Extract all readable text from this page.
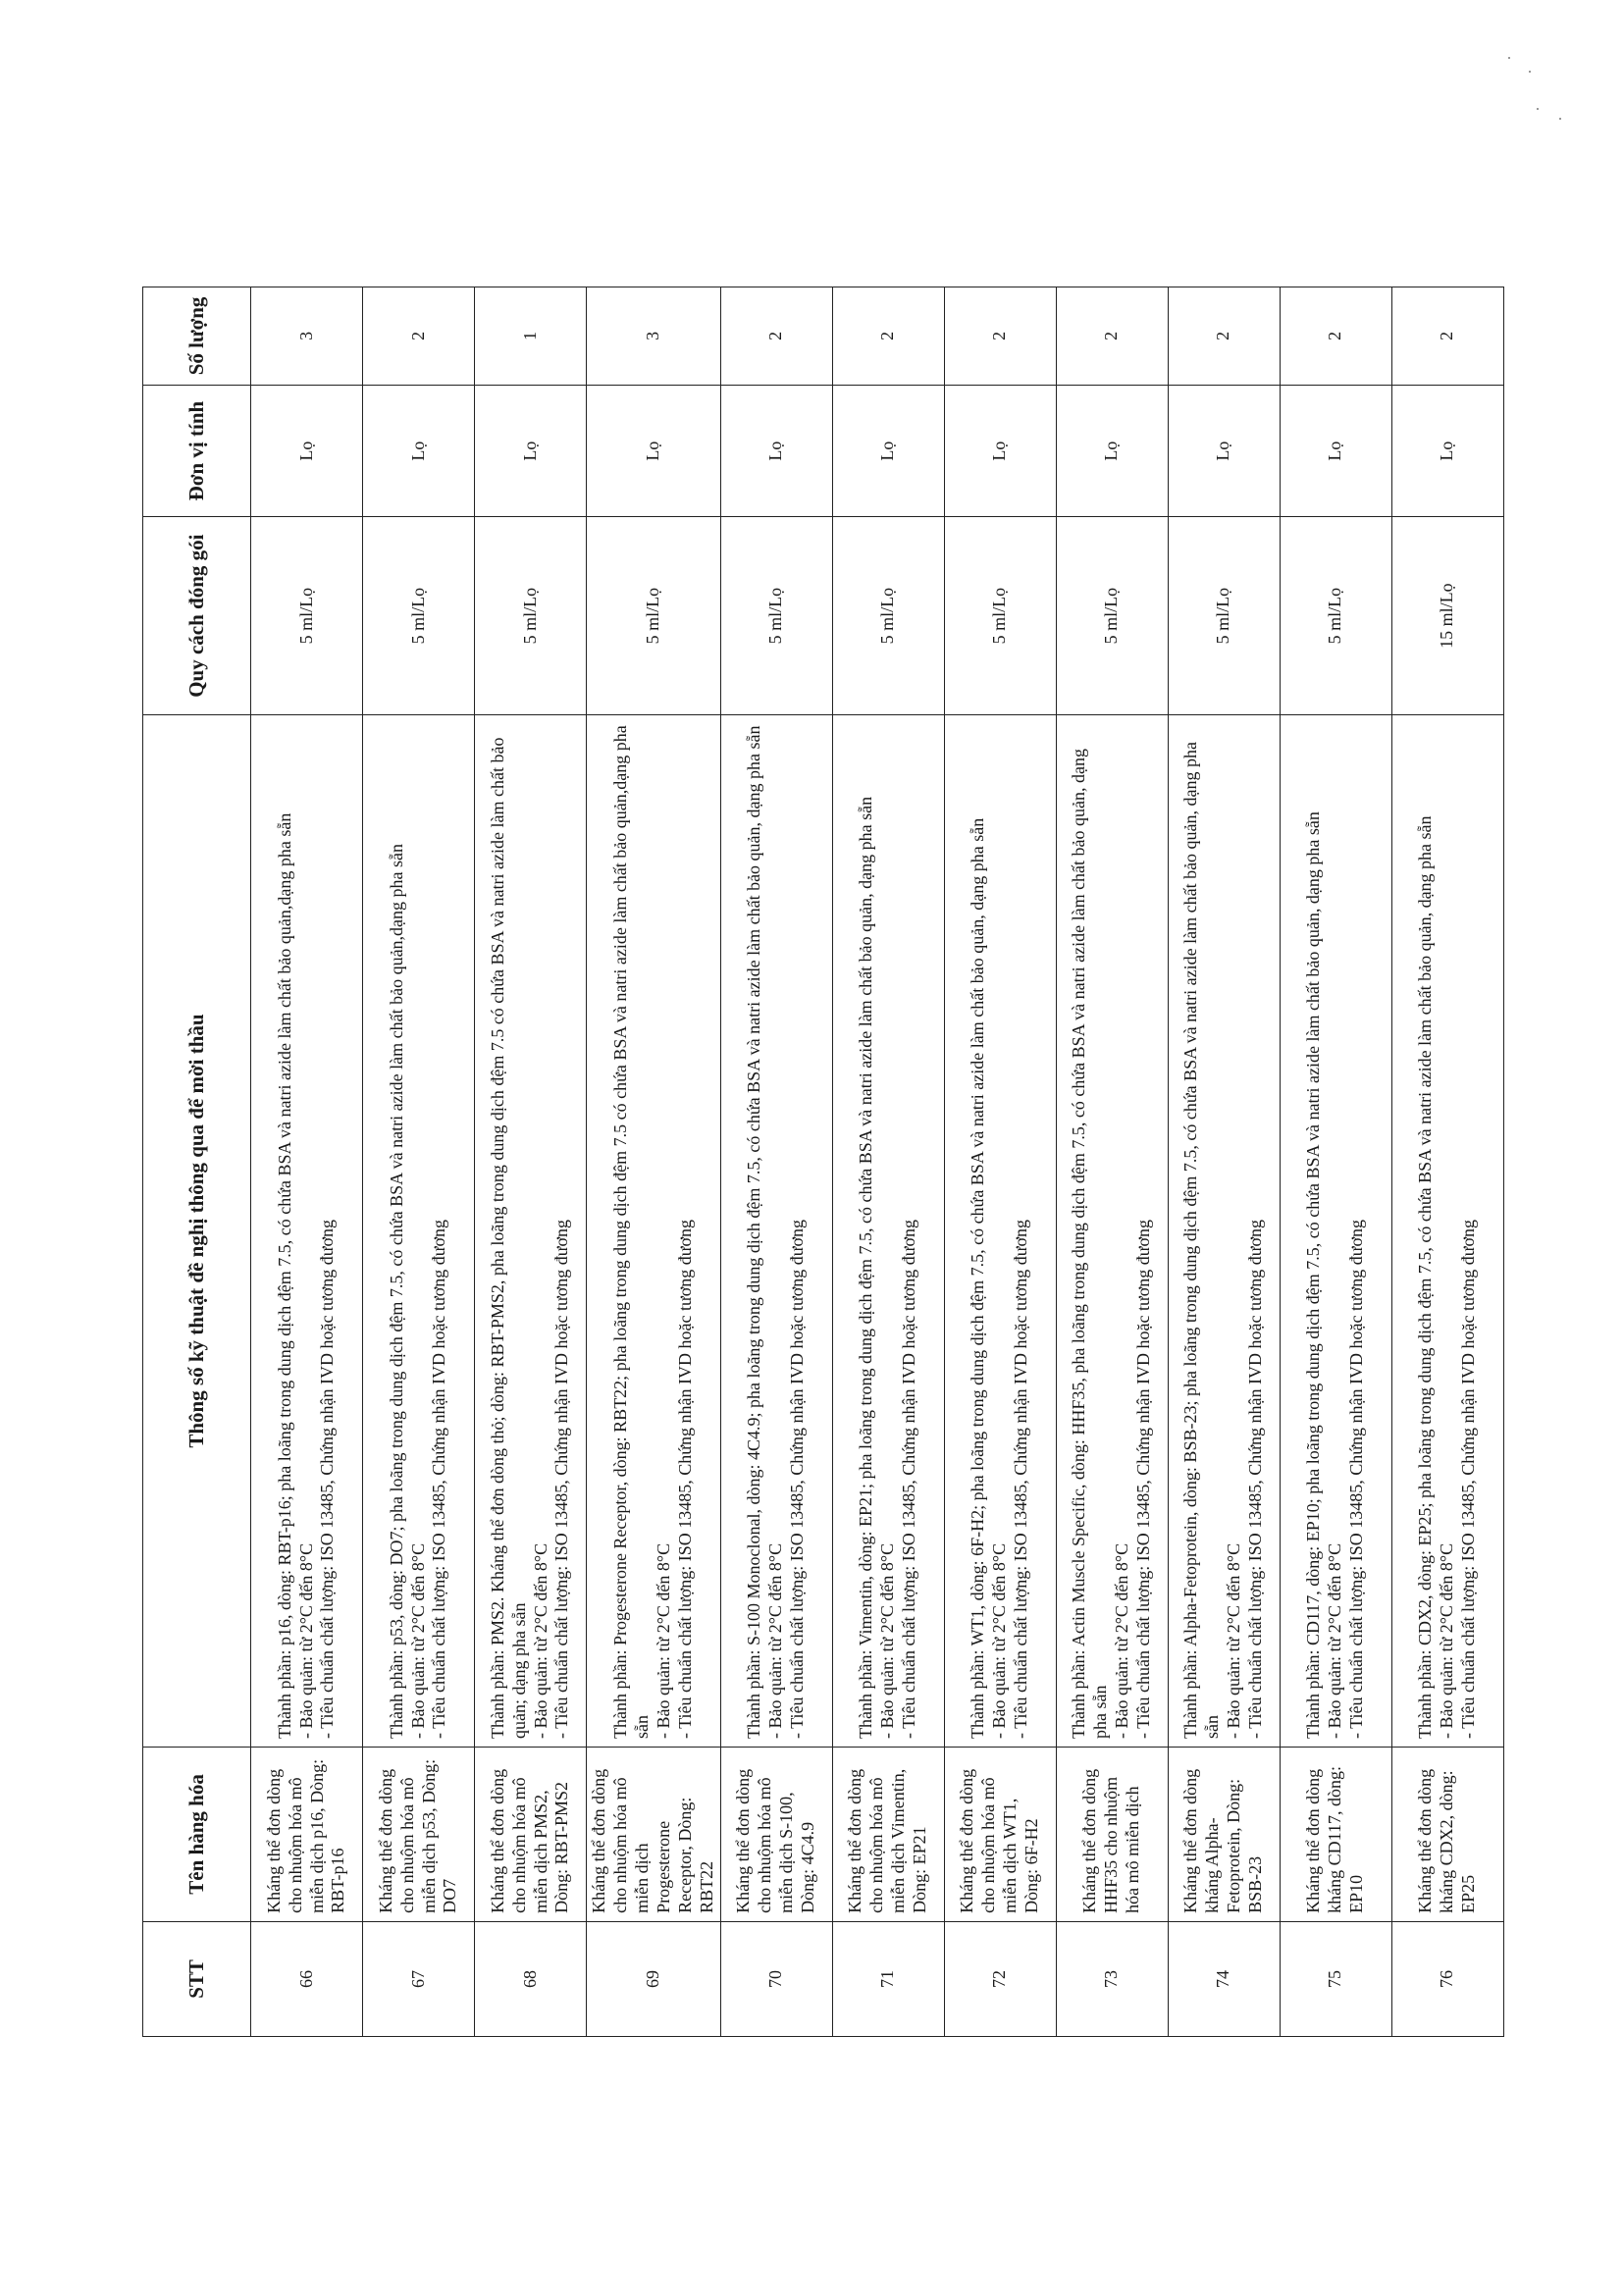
STT	Tên hàng hóa	Thông số kỹ thuật đề nghị thông qua để mời thầu	Quy cách đóng gói	Đơn vị tính	Số lượng
66	Kháng thể đơn dòng cho nhuộm hóa mô miễn dịch p16, Dòng: RBT-p16	Thành phần: p16, dòng: RBT-p16; pha loãng trong dung dịch đệm 7.5, có chứa BSA và natri azide làm chất bảo quản,dạng pha sẵn - Bảo quản: từ 2°C đến 8°C - Tiêu chuẩn chất lượng: ISO 13485, Chứng nhận IVD hoặc tương đương	5 ml/Lọ	Lọ	3
67	Kháng thể đơn dòng cho nhuộm hóa mô miễn dịch p53, Dòng: DO7	Thành phần: p53, dòng: DO7; pha loãng trong dung dịch đệm 7.5, có chứa BSA và natri azide làm chất bảo quản,dạng pha sẵn - Bảo quản: từ 2°C đến 8°C - Tiêu chuẩn chất lượng: ISO 13485, Chứng nhận IVD hoặc tương đương	5 ml/Lọ	Lọ	2
68	Kháng thể đơn dòng cho nhuộm hóa mô miễn dịch PMS2, Dòng: RBT-PMS2	Thành phần: PMS2. Kháng thể đơn dòng thỏ; dòng: RBT-PMS2, pha loãng trong dung dịch đệm 7.5 có chứa BSA và natri azide làm chất bảo quản; dạng pha sẵn - Bảo quản: từ 2°C đến 8°C - Tiêu chuẩn chất lượng: ISO 13485, Chứng nhận IVD hoặc tương đương	5 ml/Lọ	Lọ	1
69	Kháng thể đơn dòng cho nhuộm hóa mô miễn dịch Progesterone Receptor, Dòng: RBT22	Thành phần: Progesterone Receptor, dòng: RBT22; pha loãng trong dung dịch đệm 7.5 có chứa BSA và natri azide làm chất bảo quản,dạng pha sẵn - Bảo quản: từ 2°C đến 8°C - Tiêu chuẩn chất lượng: ISO 13485, Chứng nhận IVD hoặc tương đương	5 ml/Lọ	Lọ	3
70	Kháng thể đơn dòng cho nhuộm hóa mô miễn dịch S-100, Dòng: 4C4.9	Thành phần: S-100 Monoclonal, dòng: 4C4.9; pha loãng trong dung dịch đệm 7.5, có chứa BSA và natri azide làm chất bảo quản, dạng pha sẵn - Bảo quản: từ 2°C đến 8°C - Tiêu chuẩn chất lượng: ISO 13485, Chứng nhận IVD hoặc tương đương	5 ml/Lọ	Lọ	2
71	Kháng thể đơn dòng cho nhuộm hóa mô miễn dịch Vimentin, Dòng: EP21	Thành phần: Vimentin, dòng: EP21; pha loãng trong dung dịch đệm 7.5, có chứa BSA và natri azide làm chất bảo quản, dạng pha sẵn - Bảo quản: từ 2°C đến 8°C - Tiêu chuẩn chất lượng: ISO 13485, Chứng nhận IVD hoặc tương đương	5 ml/Lọ	Lọ	2
72	Kháng thể đơn dòng cho nhuộm hóa mô miễn dịch WT1, Dòng: 6F-H2	Thành phần: WT1, dòng: 6F-H2; pha loãng trong dung dịch đệm 7.5, có chứa BSA và natri azide làm chất bảo quản, dạng pha sẵn - Bảo quản: từ 2°C đến 8°C - Tiêu chuẩn chất lượng: ISO 13485, Chứng nhận IVD hoặc tương đương	5 ml/Lọ	Lọ	2
73	Kháng thể đơn dòng HHF35 cho nhuộm hóa mô miễn dịch	Thành phần: Actin Muscle Specific, dòng: HHF35, pha loãng trong dung dịch đệm 7.5, có chứa BSA và natri azide làm chất bảo quản, dạng pha sẵn - Bảo quản: từ 2°C đến 8°C - Tiêu chuẩn chất lượng: ISO 13485, Chứng nhận IVD hoặc tương đương	5 ml/Lọ	Lọ	2
74	Kháng thể đơn dòng kháng Alpha- Fetoprotein, Dòng: BSB-23	Thành phần: Alpha-Fetoprotein, dòng: BSB-23; pha loãng trong dung dịch đệm 7.5, có chứa BSA và natri azide làm chất bảo quản, dạng pha sẵn - Bảo quản: từ 2°C đến 8°C - Tiêu chuẩn chất lượng: ISO 13485, Chứng nhận IVD hoặc tương đương	5 ml/Lọ	Lọ	2
75	Kháng thể đơn dòng kháng CD117, dòng: EP10	Thành phần: CD117, dòng: EP10; pha loãng trong dung dịch đệm 7.5, có chứa BSA và natri azide làm chất bảo quản, dạng pha sẵn - Bảo quản: từ 2°C đến 8°C - Tiêu chuẩn chất lượng: ISO 13485, Chứng nhận IVD hoặc tương đương	5 ml/Lọ	Lọ	2
76	Kháng thể đơn dòng kháng CDX2, dòng: EP25	Thành phần: CDX2, dòng: EP25; pha loãng trong dung dịch đệm 7.5, có chứa BSA và natri azide làm chất bảo quản, dạng pha sẵn - Bảo quản: từ 2°C đến 8°C - Tiêu chuẩn chất lượng: ISO 13485, Chứng nhận IVD hoặc tương đương	15 ml/Lọ	Lọ	2
